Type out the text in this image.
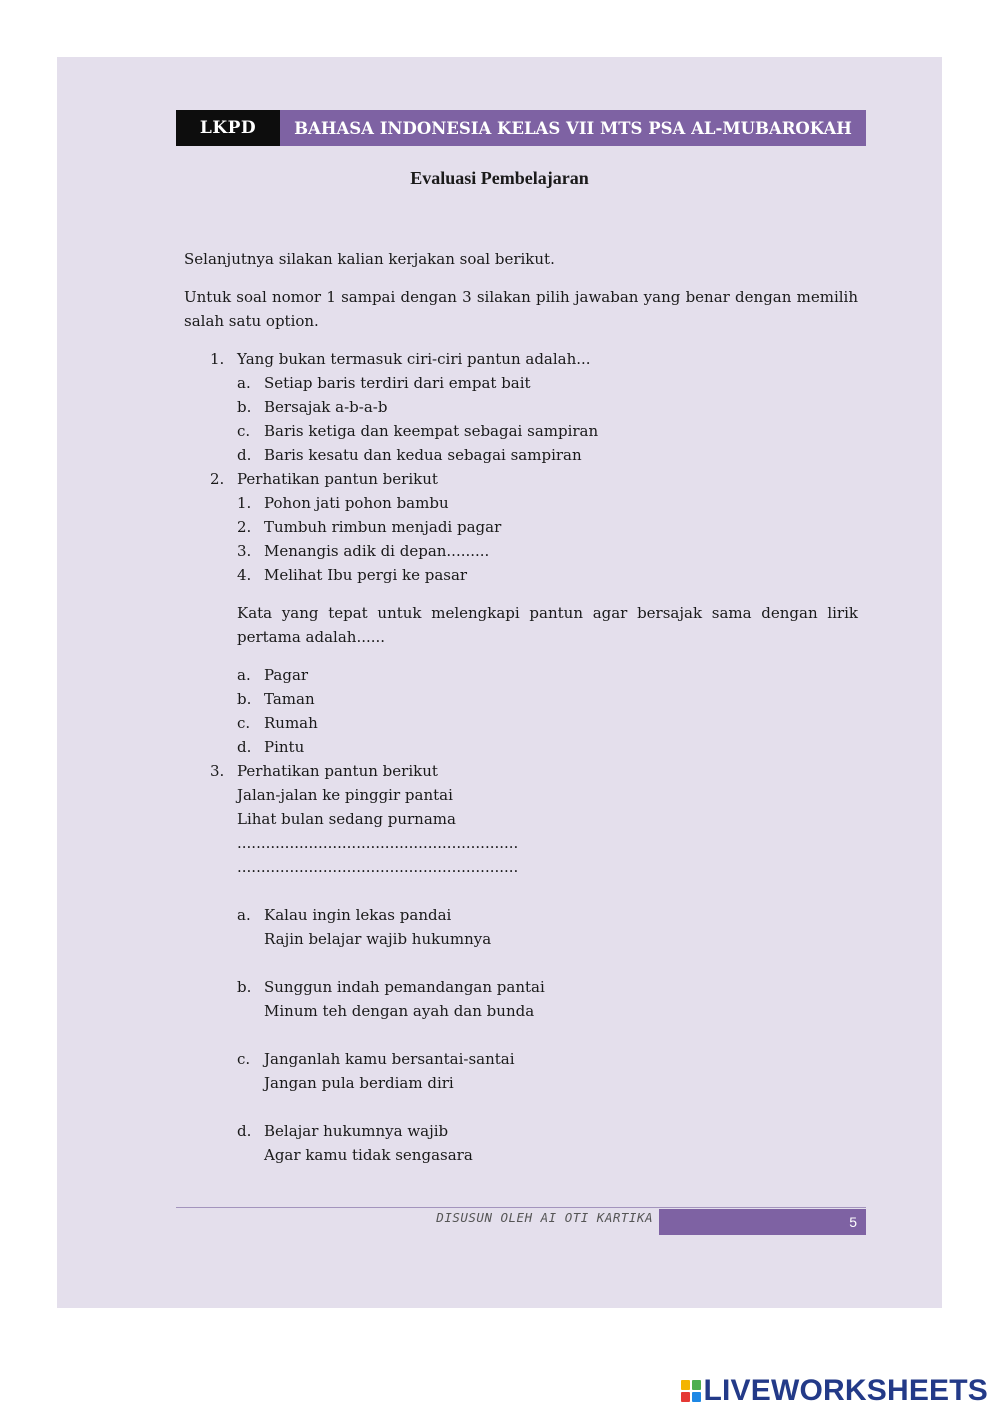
LKPD	BAHASA INDONESIA KELAS VII MTS PSA AL-MUBAROKAH
Evaluasi Pembelajaran

Selanjutnya silakan kalian kerjakan soal berikut.

Untuk soal nomor 1 sampai dengan 3 silakan pilih jawaban yang benar dengan memilih salah satu option.

1. Yang bukan termasuk ciri-ciri pantun adalah...
a. Setiap baris terdiri dari empat bait
b. Bersajak a-b-a-b
c. Baris ketiga dan keempat sebagai sampiran
d. Baris kesatu dan kedua sebagai sampiran
2. Perhatikan pantun berikut
1. Pohon jati pohon bambu
2. Tumbuh rimbun menjadi pagar
3. Menangis adik di depan.........
4. Melihat Ibu pergi ke pasar

Kata yang tepat untuk melengkapi pantun agar bersajak sama dengan lirik pertama adalah......

a. Pagar
b. Taman
c. Rumah
d. Pintu
3. Perhatikan pantun berikut
Jalan-jalan ke pinggir pantai
Lihat bulan sedang purnama
...........................................................
...........................................................
a. Kalau ingin lekas pandai
Rajin belajar wajib hukumnya
b. Sunggun indah pemandangan pantai
Minum teh dengan ayah dan bunda
c. Janganlah kamu bersantai-santai
Jangan pula berdiam diri
d. Belajar hukumnya wajib
Agar kamu tidak sengasara
DISUSUN OLEH AI OTI KARTIKA	5
LIVEWORKSHEETS
